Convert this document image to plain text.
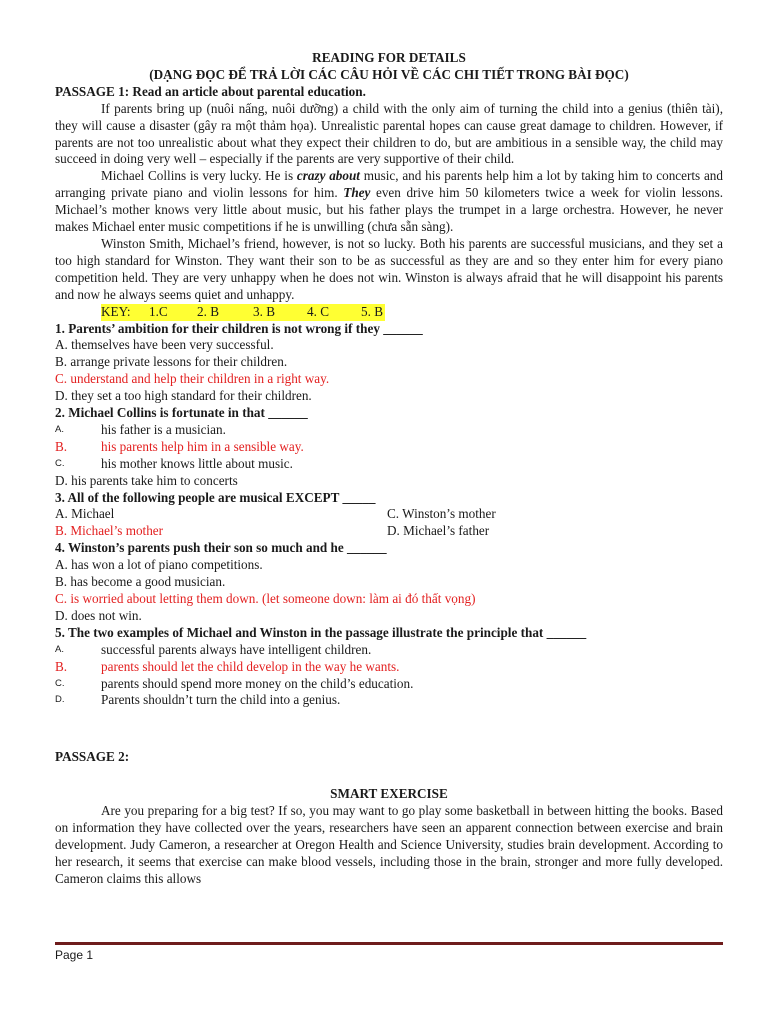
READING FOR DETAILS
(DẠNG ĐỌC ĐỂ TRẢ LỜI CÁC CÂU HỎI VỀ CÁC CHI TIẾT TRONG BÀI ĐỌC)
PASSAGE 1: Read an article about parental education.

If parents bring up (nuôi nấng, nuôi dưỡng) a child with the only aim of turning the child into a genius (thiên tài), they will cause a disaster (gây ra một thảm họa). Unrealistic parental hopes can cause great damage to children. However, if parents are not too unrealistic about what they expect their children to do, but are ambitious in a sensible way, the child may succeed in doing very well – especially if the parents are very supportive of their child.

Michael Collins is very lucky. He is crazy about music, and his parents help him a lot by taking him to concerts and arranging private piano and violin lessons for him. They even drive him 50 kilometers twice a week for violin lessons. Michael’s mother knows very little about music, but his father plays the trumpet in a large orchestra. However, he never makes Michael enter music competitions if he is unwilling (chưa sẵn sàng).

Winston Smith, Michael’s friend, however, is not so lucky. Both his parents are successful musicians, and they set a too high standard for Winston. They want their son to be as successful as they are and so they enter him for every piano competition held. They are very unhappy when he does not win. Winston is always afraid that he will disappoint his parents and now he always seems quiet and unhappy.

KEY: 1.C 2. B	3. B 4. C 5. B
1. Parents’ ambition for their children is not wrong if they ______
A. themselves have been very successful.
B. arrange private lessons for their children.
C. understand and help their children in a right way.
D. they set a too high standard for their children.
2. Michael Collins is fortunate in that ______
A.	his father is a musician.
B.	his parents help him in a sensible way.
C.	his mother knows little about music.
D. his parents take him to concerts
3. All of the following people are musical EXCEPT _____
A. Michael	C. Winston’s mother
B. Michael’s mother	D. Michael’s father
4. Winston’s parents push their son so much and he ______
A. has won a lot of piano competitions.
B. has become a good musician.
C. is worried about letting them down. (let someone down: làm ai đó thất vọng)
D. does not win.
5. The two examples of Michael and Winston in the passage illustrate the principle that ______
A.	successful parents always have intelligent children.
B.	parents should let the child develop in the way he wants.
C.	parents should spend more money on the child’s education.
D.	Parents shouldn’t turn the child into a genius.
PASSAGE 2:
SMART EXERCISE

Are you preparing for a big test? If so, you may want to go play some basketball in between hitting the books. Based on information they have collected over the years, researchers have seen an apparent connection between exercise and brain development. Judy Cameron, a researcher at Oregon Health and Science University, studies brain development. According to her research, it seems that exercise can make blood vessels, including those in the brain, stronger and more fully developed. Cameron claims this allows

Page 1
